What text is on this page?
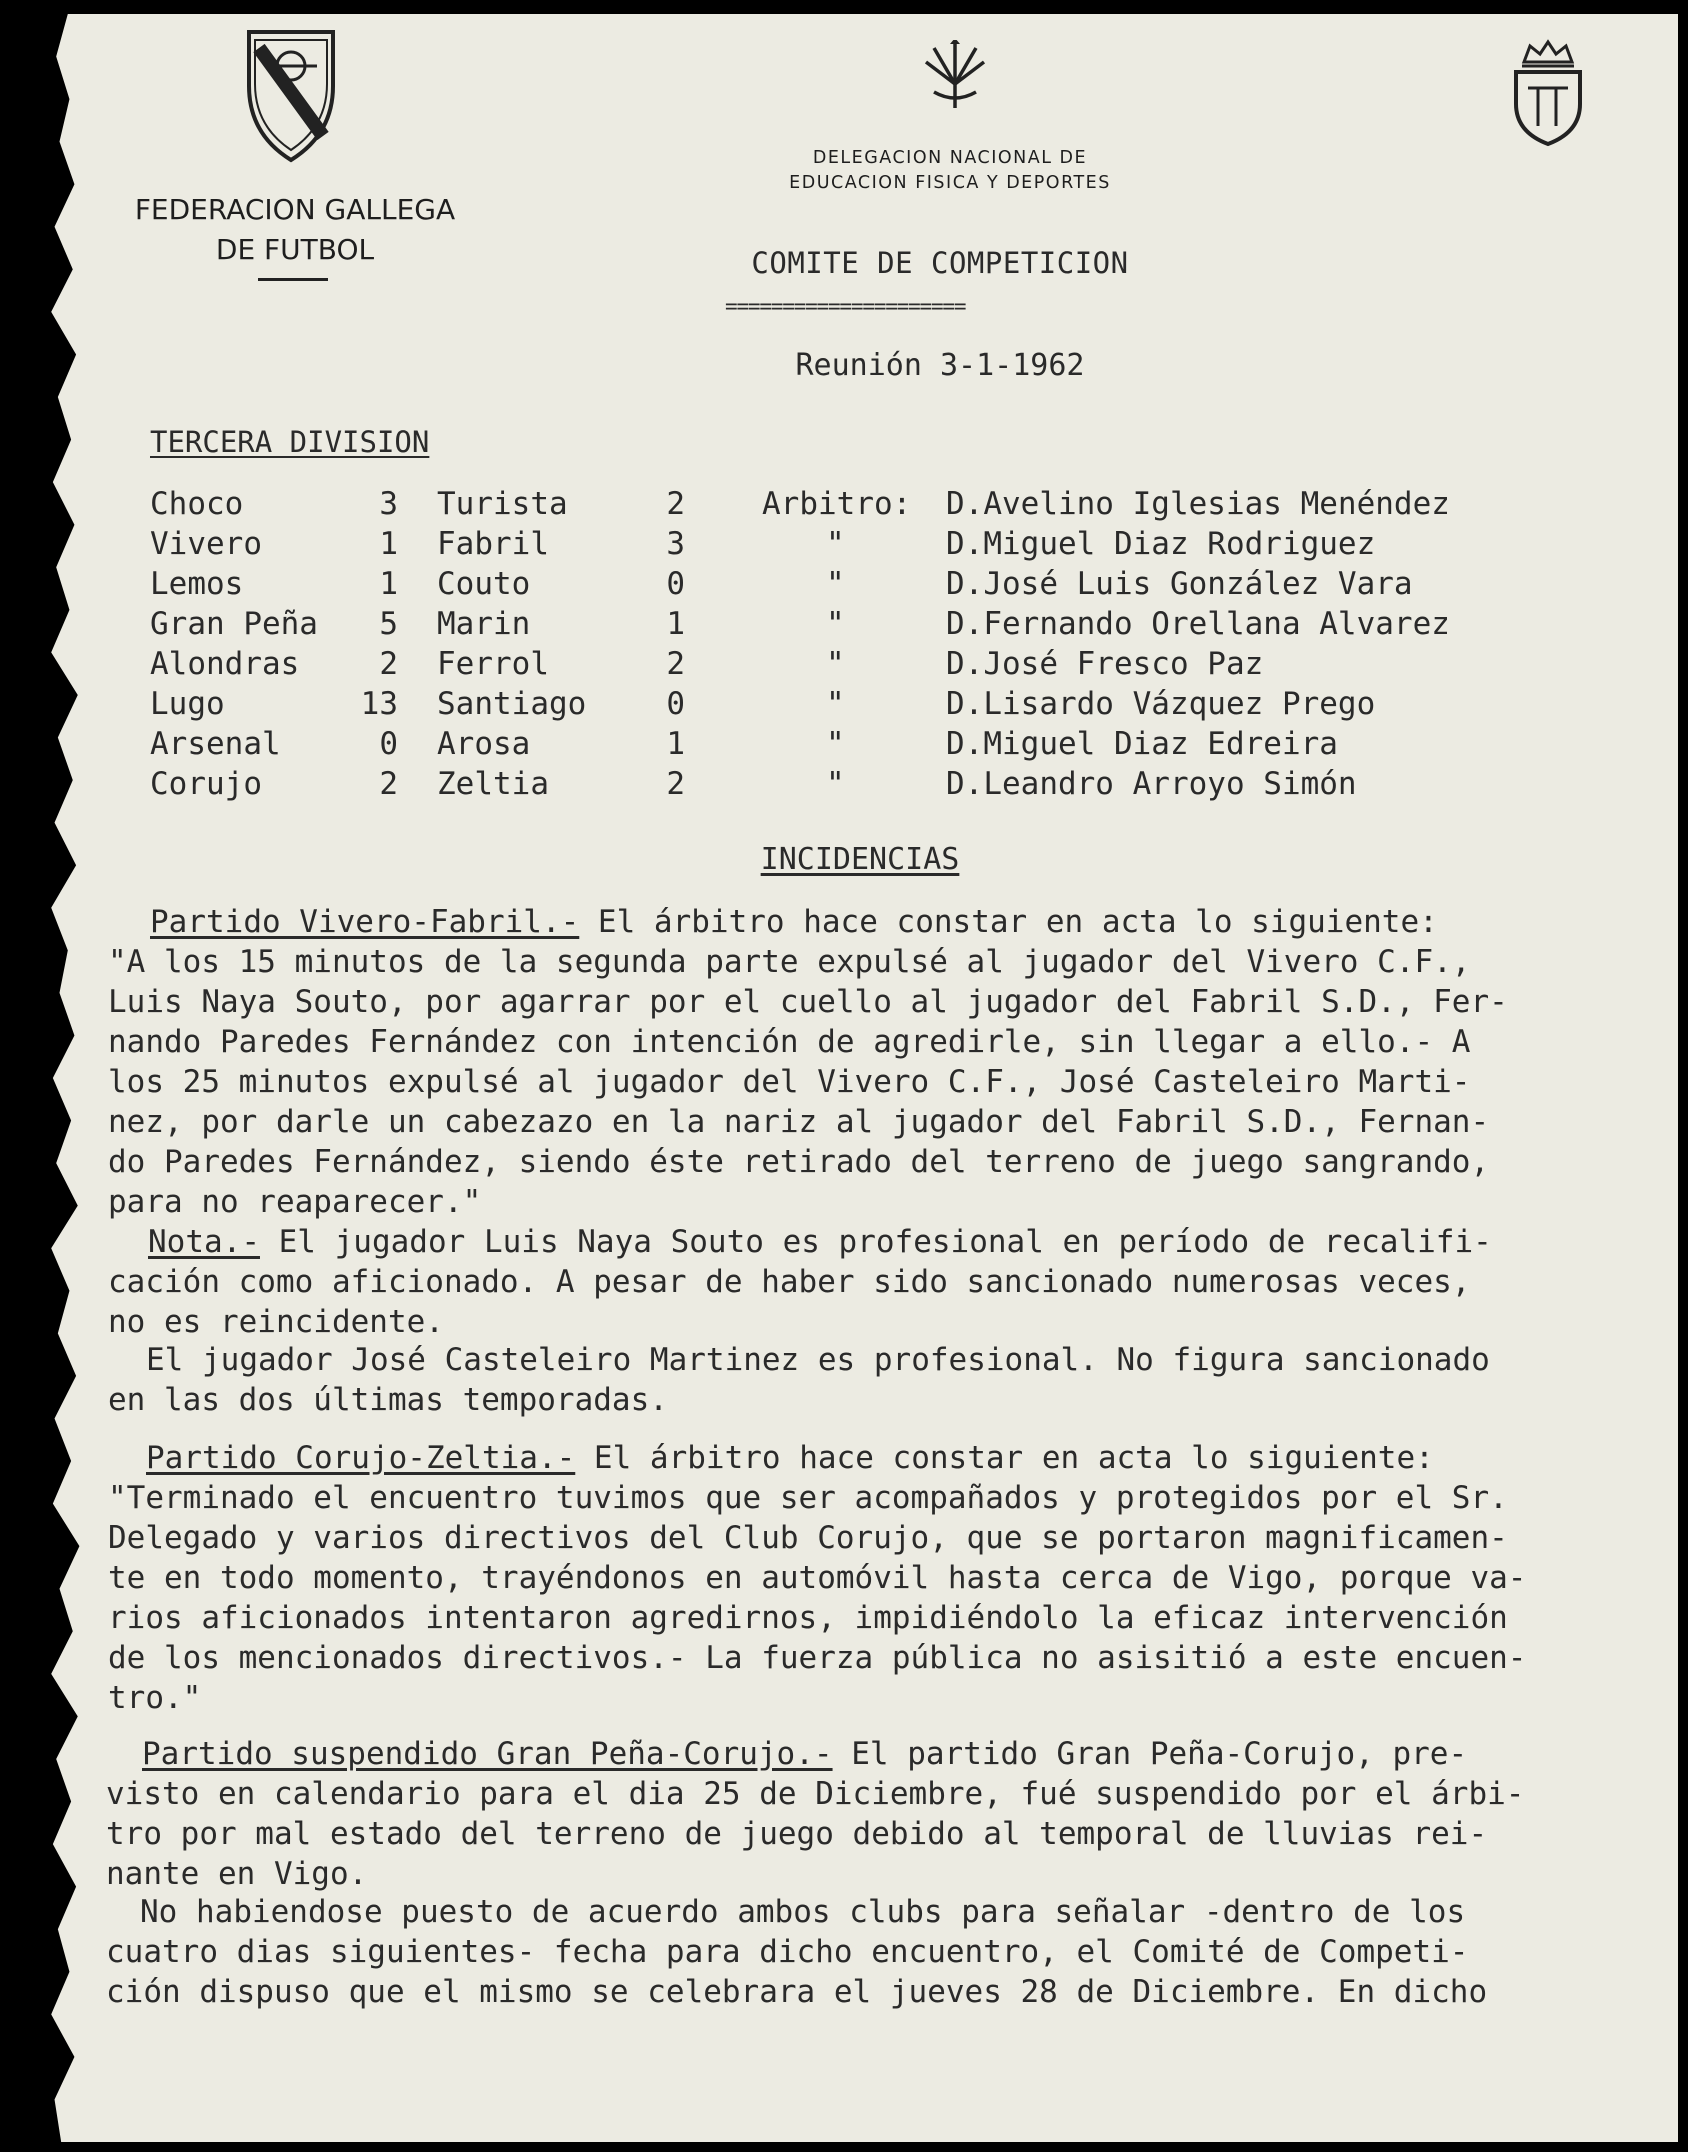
FEDERACION GALLEGA
DE FUTBOL
DELEGACION NACIONAL DE
EDUCACION FISICA Y DEPORTES
COMITE DE COMPETICION
=====================
Reunión 3-1-1962
TERCERA DIVISION
Choco	3 Turista	2 Arbitro: D.Avelino Iglesias Menéndez
Vivero	1 Fabril	3	"	D.Miguel Diaz Rodriguez
Lemos	1 Couto	0	"	D.José Luis González Vara
Gran Peña	5 Marin	1	"	D.Fernando Orellana Alvarez
Alondras	2 Ferrol	2	"	D.José Fresco Paz
Lugo	13 Santiago	0	"	D.Lisardo Vázquez Prego
Arsenal	0 Arosa	1	"	D.Miguel Diaz Edreira
Corujo	2 Zeltia	2	"	D.Leandro Arroyo Simón
INCIDENCIAS
Partido Vivero-Fabril.- El árbitro hace constar en acta lo siguiente:
"A los 15 minutos de la segunda parte expulsé al jugador del Vivero C.F.,
Luis Naya Souto, por agarrar por el cuello al jugador del Fabril S.D., Fer-
nando Paredes Fernández con intención de agredirle, sin llegar a ello.- A
los 25 minutos expulsé al jugador del Vivero C.F., José Casteleiro Marti-
nez, por darle un cabezazo en la nariz al jugador del Fabril S.D., Fernan-
do Paredes Fernández, siendo éste retirado del terreno de juego sangrando,
para no reaparecer."
Nota.- El jugador Luis Naya Souto es profesional en período de recalifi-
cación como aficionado. A pesar de haber sido sancionado numerosas veces,
no es reincidente.
El jugador José Casteleiro Martinez es profesional. No figura sancionado
en las dos últimas temporadas.
Partido Corujo-Zeltia.- El árbitro hace constar en acta lo siguiente:
"Terminado el encuentro tuvimos que ser acompañados y protegidos por el Sr.
Delegado y varios directivos del Club Corujo, que se portaron magnificamen-
te en todo momento, trayéndonos en automóvil hasta cerca de Vigo, porque va-
rios aficionados intentaron agredirnos, impidiéndolo la eficaz intervención
de los mencionados directivos.- La fuerza pública no asisitió a este encuen-
tro."
Partido suspendido Gran Peña-Corujo.- El partido Gran Peña-Corujo, pre-
visto en calendario para el dia 25 de Diciembre, fué suspendido por el árbi-
tro por mal estado del terreno de juego debido al temporal de lluvias rei-
nante en Vigo.
No habiendose puesto de acuerdo ambos clubs para señalar -dentro de los
cuatro dias siguientes- fecha para dicho encuentro, el Comité de Competi-
ción dispuso que el mismo se celebrara el jueves 28 de Diciembre. En dicho
